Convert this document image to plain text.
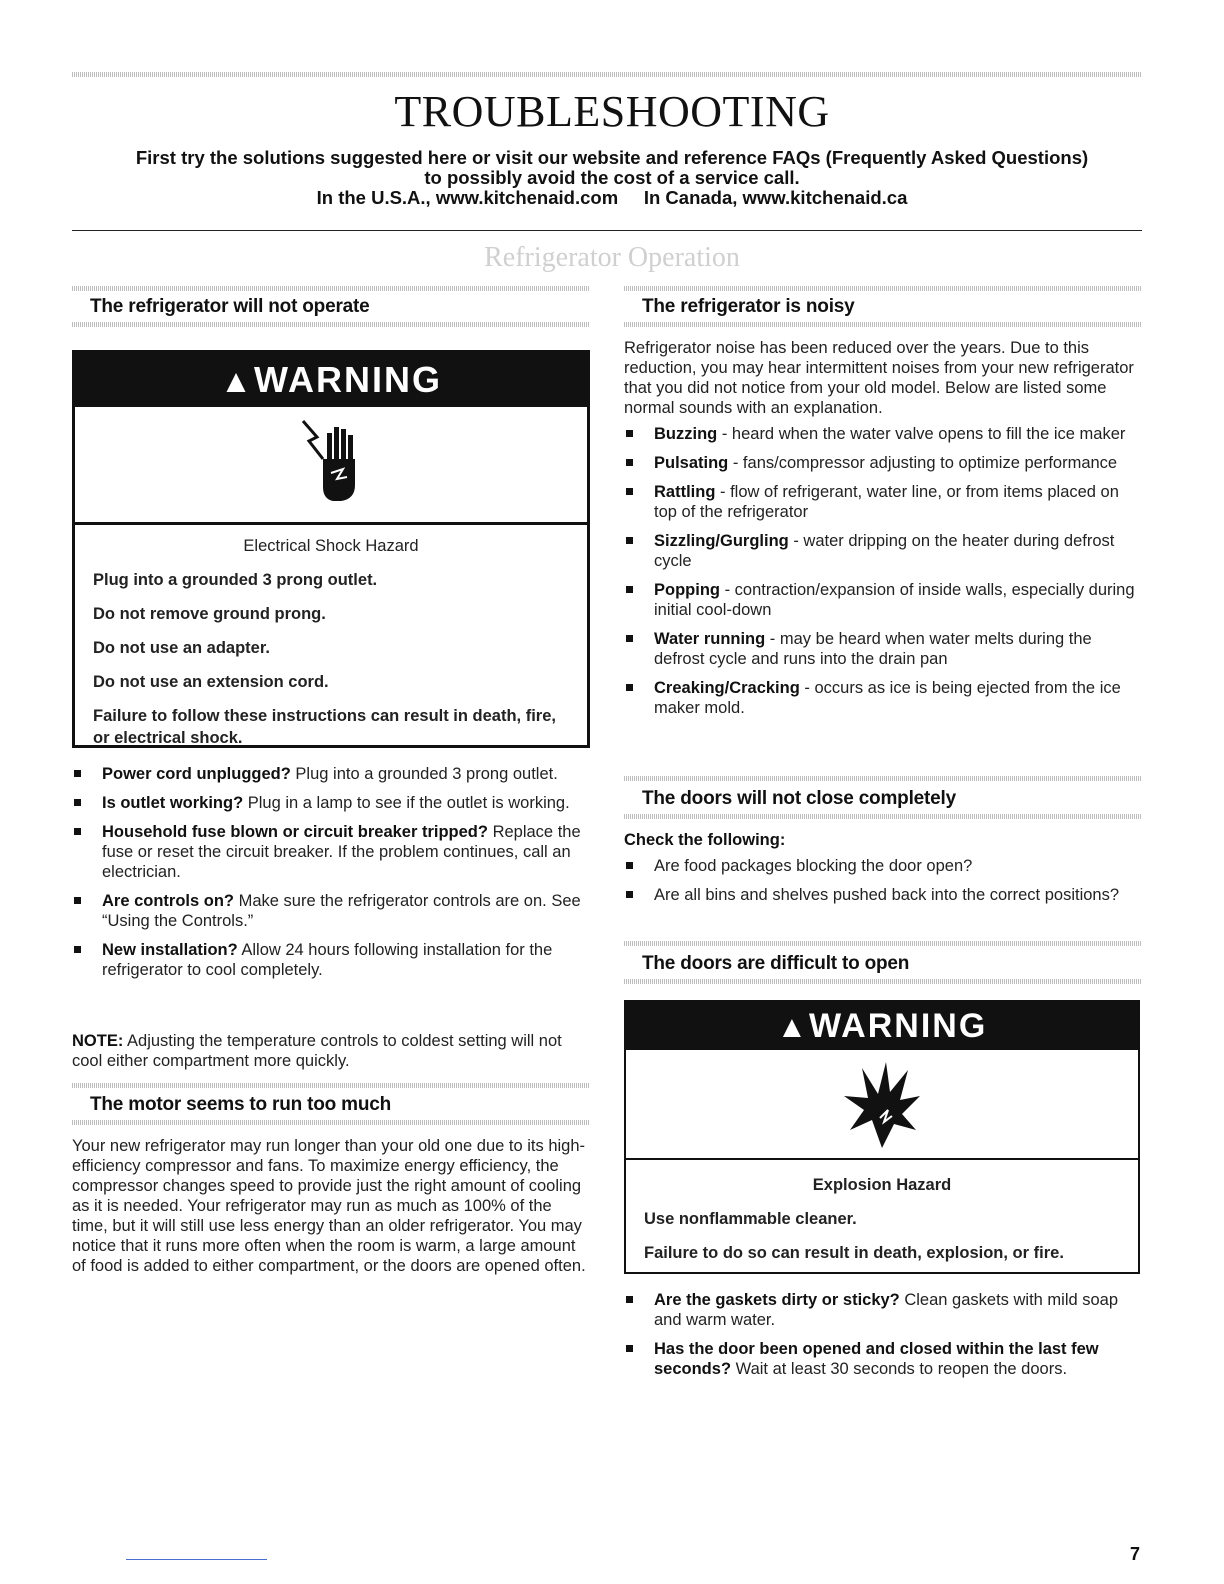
TROUBLESHOOTING
First try the solutions suggested here or visit our website and reference FAQs (Frequently Asked Questions)
to possibly avoid the cost of a service call.
In the U.S.A., www.kitchenaid.com     In Canada, www.kitchenaid.ca
Refrigerator Operation
The refrigerator will not operate
▲WARNING
Electrical Shock Hazard
Plug into a grounded 3 prong outlet.
Do not remove ground prong.
Do not use an adapter.
Do not use an extension cord.
Failure to follow these instructions can result in death, fire, or electrical shock.
Power cord unplugged? Plug into a grounded 3 prong outlet.
Is outlet working? Plug in a lamp to see if the outlet is working.
Household fuse blown or circuit breaker tripped? Replace the fuse or reset the circuit breaker. If the problem continues, call an electrician.
Are controls on? Make sure the refrigerator controls are on. See “Using the Controls.”
New installation? Allow 24 hours following installation for the refrigerator to cool completely.
NOTE: Adjusting the temperature controls to coldest setting will not cool either compartment more quickly.
The motor seems to run too much
Your new refrigerator may run longer than your old one due to its high-efficiency compressor and fans. To maximize energy efficiency, the compressor changes speed to provide just the right amount of cooling as it is needed. Your refrigerator may run as much as 100% of the time, but it will still use less energy than an older refrigerator. You may notice that it runs more often when the room is warm, a large amount of food is added to either compartment, or the doors are opened often.
The refrigerator is noisy
Refrigerator noise has been reduced over the years. Due to this reduction, you may hear intermittent noises from your new refrigerator that you did not notice from your old model. Below are listed some normal sounds with an explanation.
Buzzing - heard when the water valve opens to fill the ice maker
Pulsating - fans/compressor adjusting to optimize performance
Rattling - flow of refrigerant, water line, or from items placed on top of the refrigerator
Sizzling/Gurgling - water dripping on the heater during defrost cycle
Popping - contraction/expansion of inside walls, especially during initial cool-down
Water running - may be heard when water melts during the defrost cycle and runs into the drain pan
Creaking/Cracking - occurs as ice is being ejected from the ice maker mold.
The doors will not close completely
Check the following:
Are food packages blocking the door open?
Are all bins and shelves pushed back into the correct positions?
The doors are difficult to open
▲WARNING
Explosion Hazard
Use nonflammable cleaner.
Failure to do so can result in death, explosion, or fire.
Are the gaskets dirty or sticky? Clean gaskets with mild soap and warm water.
Has the door been opened and closed within the last few seconds? Wait at least 30 seconds to reopen the doors.
7
